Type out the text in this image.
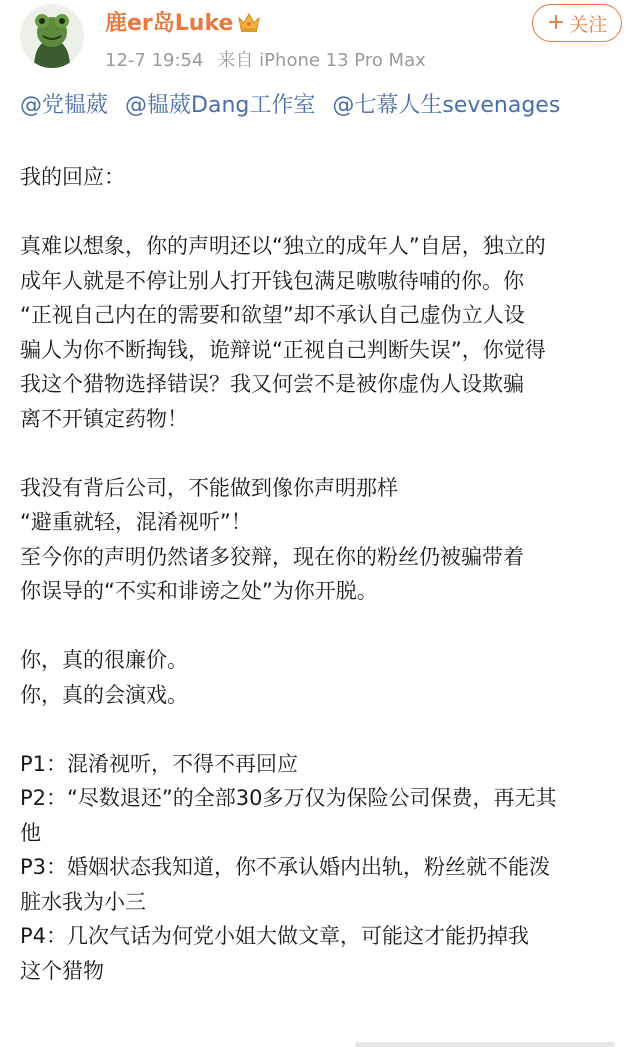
鹿er岛Luke
12-7 19:54 来自 iPhone 13 Pro Max
+ 关注
@党韫葳 @韫葳Dang工作室 @七幕人生sevenages

我的回应：

真难以想象，你的声明还以“独立的成年人”自居，独立的

成年人就是不停让别人打开钱包满足嗷嗷待哺的你。你

“正视自己内在的需要和欲望”却不承认自己虚伪立人设

骗人为你不断掏钱，诡辩说“正视自己判断失误”，你觉得

我这个猎物选择错误？我又何尝不是被你虚伪人设欺骗

离不开镇定药物！

我没有背后公司，不能做到像你声明那样

“避重就轻，混淆视听”！

至今你的声明仍然诸多狡辩，现在你的粉丝仍被骗带着

你误导的“不实和诽谤之处”为你开脱。

你，真的很廉价。

你，真的会演戏。

P1：混淆视听，不得不再回应

P2：“尽数退还”的全部30多万仅为保险公司保费，再无其

他

P3：婚姻状态我知道，你不承认婚内出轨，粉丝就不能泼

脏水我为小三

P4：几次气话为何党小姐大做文章，可能这才能扔掉我

这个猎物
